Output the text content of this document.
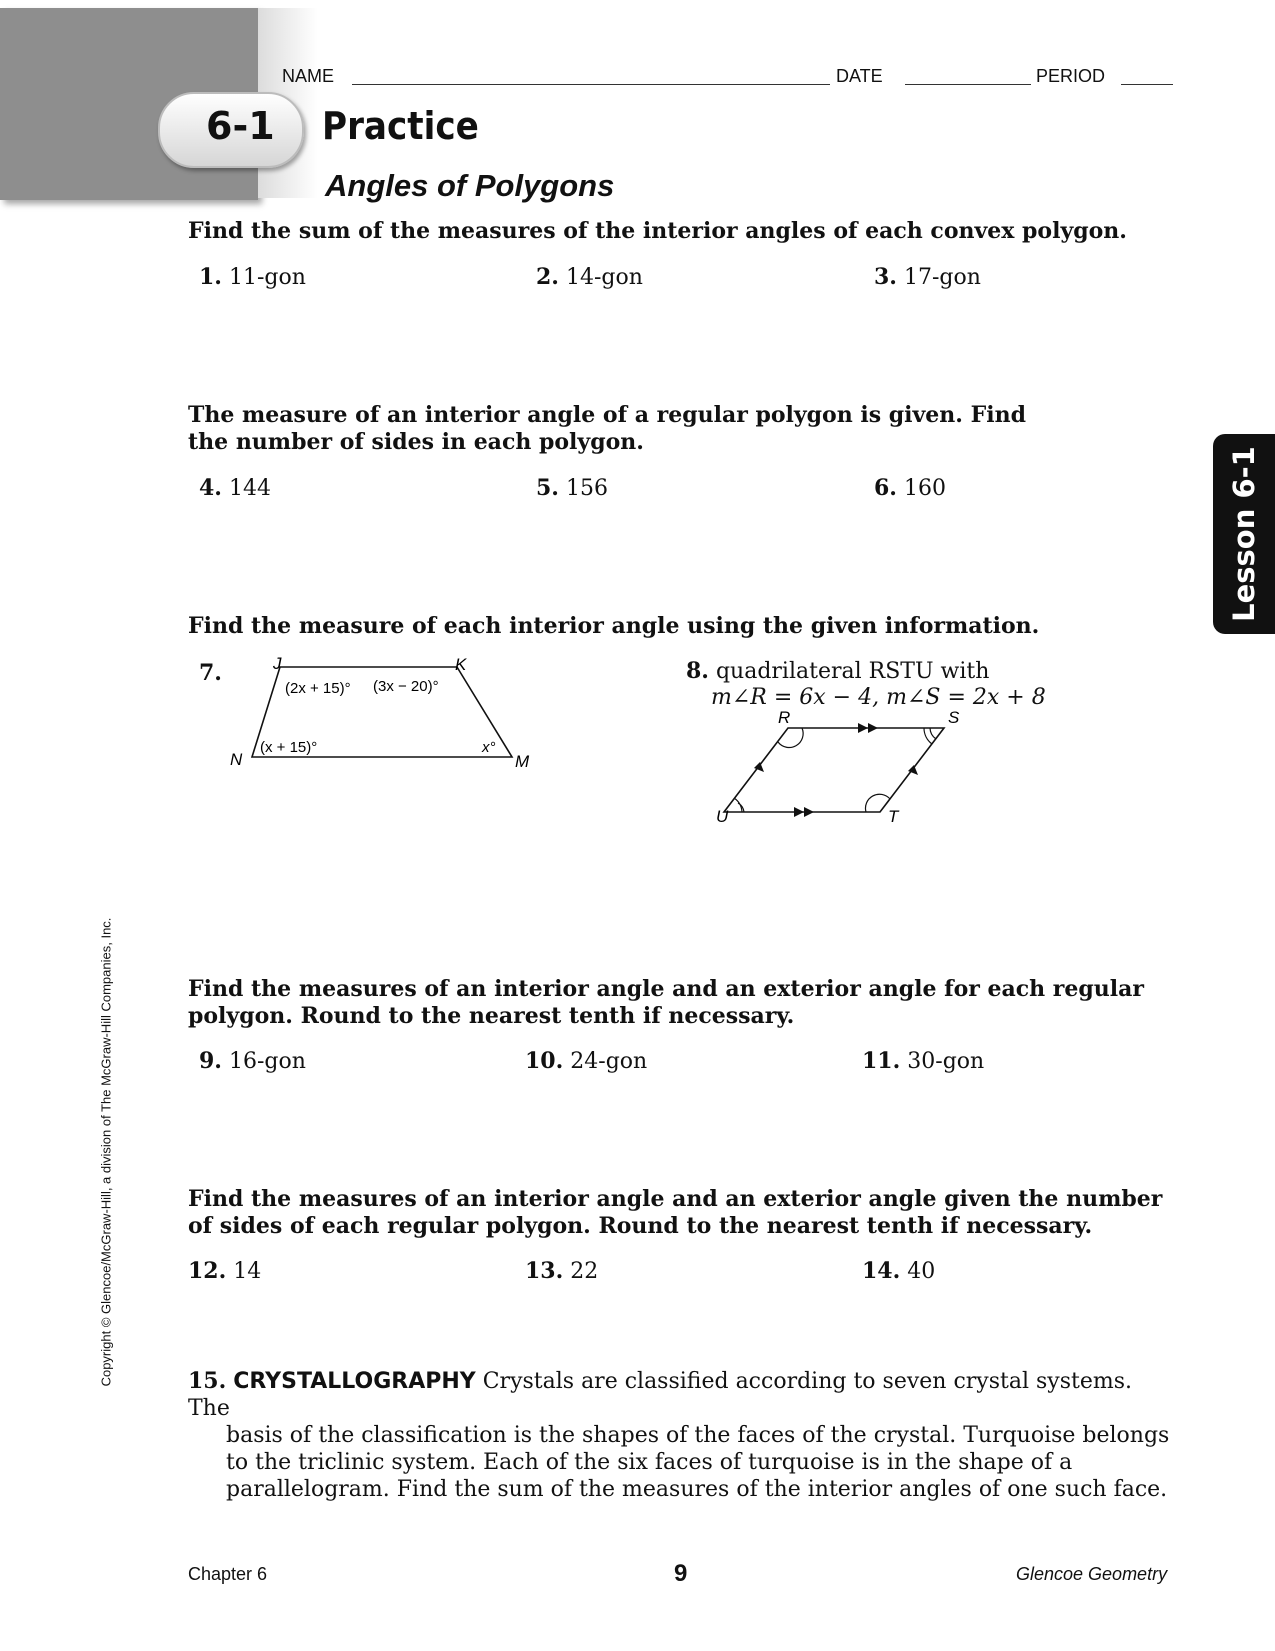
6-1
NAME	DATE	PERIOD
Practice
Angles of Polygons
Find the sum of the measures of the interior angles of each convex polygon.
1. 11-gon	2. 14-gon	3. 17-gon
The measure of an interior angle of a regular polygon is given. Find the number of sides in each polygon.
4. 144	5. 156	6. 160	Lesson 6-1
Find the measure of each interior angle using the given information.
7.	J	K
M
N
(2x + 15)° (3x − 20)°
(x + 15)°	x°
8. quadrilateral RSTU with
m∠R = 6x − 4, m∠S = 2x + 8
R	S
T
U
Find the measures of an interior angle and an exterior angle for each regular polygon. Round to the nearest tenth if necessary.
9. 16-gon	10. 24-gon	11. 30-gon
Find the measures of an interior angle and an exterior angle given the number of sides of each regular polygon. Round to the nearest tenth if necessary.
12. 14	13. 22	14. 40
15. CRYSTALLOGRAPHY Crystals are classified according to seven crystal systems. The
basis of the classification is the shapes of the faces of the crystal. Turquoise belongs to the triclinic system. Each of the six faces of turquoise is in the shape of a parallelogram. Find the sum of the measures of the interior angles of one such face.
Copyright © Glencoe/McGraw-Hill, a division of The McGraw-Hill Companies, Inc.
Chapter 6	9	Glencoe Geometry
